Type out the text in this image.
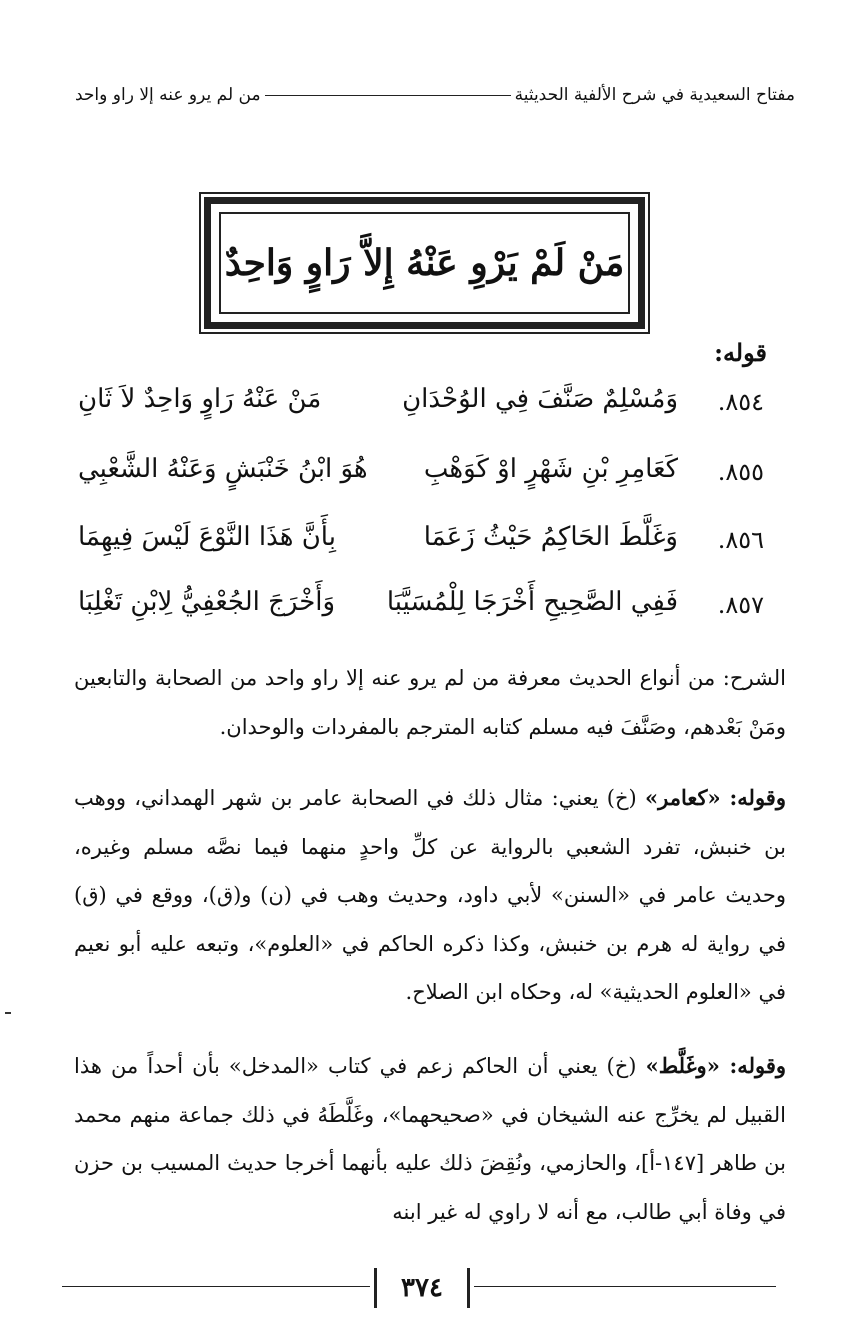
مفتاح السعيدية في شرح الألفية الحديثية
من لم يرو عنه إلا راو واحد
مَنْ لَمْ يَرْوِ عَنْهُ إِلاَّ رَاوٍ وَاحِدٌ
قوله:
٨٥٤.
وَمُسْلِمٌ صَنَّفَ فِي الوُحْدَانِ
مَنْ عَنْهُ رَاوٍ وَاحِدٌ لاَ ثَانِ
٨٥٥.
كَعَامِرِ بْنِ شَهْرٍ اوْ كَوَهْبِ
هُوَ ابْنُ خَنْبَشٍ وَعَنْهُ الشَّعْبِي
٨٥٦.
وَغَلَّطَ الحَاكِمُ حَيْثُ زَعَمَا
بِأَنَّ هَذَا النَّوْعَ لَيْسَ فِيهِمَا
٨٥٧.
فَفِي الصَّحِيحِ أَخْرَجَا لِلْمُسَيَّبَا
وَأَخْرَجَ الجُعْفِيُّ لِابْنِ تَغْلِبَا

الشرح: من أنواع الحديث معرفة من لم يرو عنه إلا راو واحد من الصحابة والتابعين ومَنْ بَعْدهم، وصَنَّفَ فيه مسلم كتابه المترجم بالمفردات والوحدان.

وقوله: «كعامر» (خ) يعني: مثال ذلك في الصحابة عامر بن شهر الهمداني، ووهب بن خنبش، تفرد الشعبي بالرواية عن كلِّ واحدٍ منهما فيما نصَّه مسلم وغيره، وحديث عامر في «السنن» لأبي داود، وحديث وهب في (ن) و(ق)، ووقع في (ق) في رواية له هرم بن خنبش، وكذا ذكره الحاكم في «العلوم»، وتبعه عليه أبو نعيم في «العلوم الحديثية» له، وحكاه ابن الصلاح.

وقوله: «وغَلَّط» (خ) يعني أن الحاكم زعم في كتاب «المدخل» بأن أحداً من هذا القبيل لم يخرِّج عنه الشيخان في «صحيحهما»، وغَلَّطَهُ في ذلك جماعة منهم محمد بن طاهر [١٤٧-أ]، والحازمي، ونُقِضَ ذلك عليه بأنهما أخرجا حديث المسيب بن حزن في وفاة أبي طالب، مع أنه لا راوي له غير ابنه

٣٧٤
